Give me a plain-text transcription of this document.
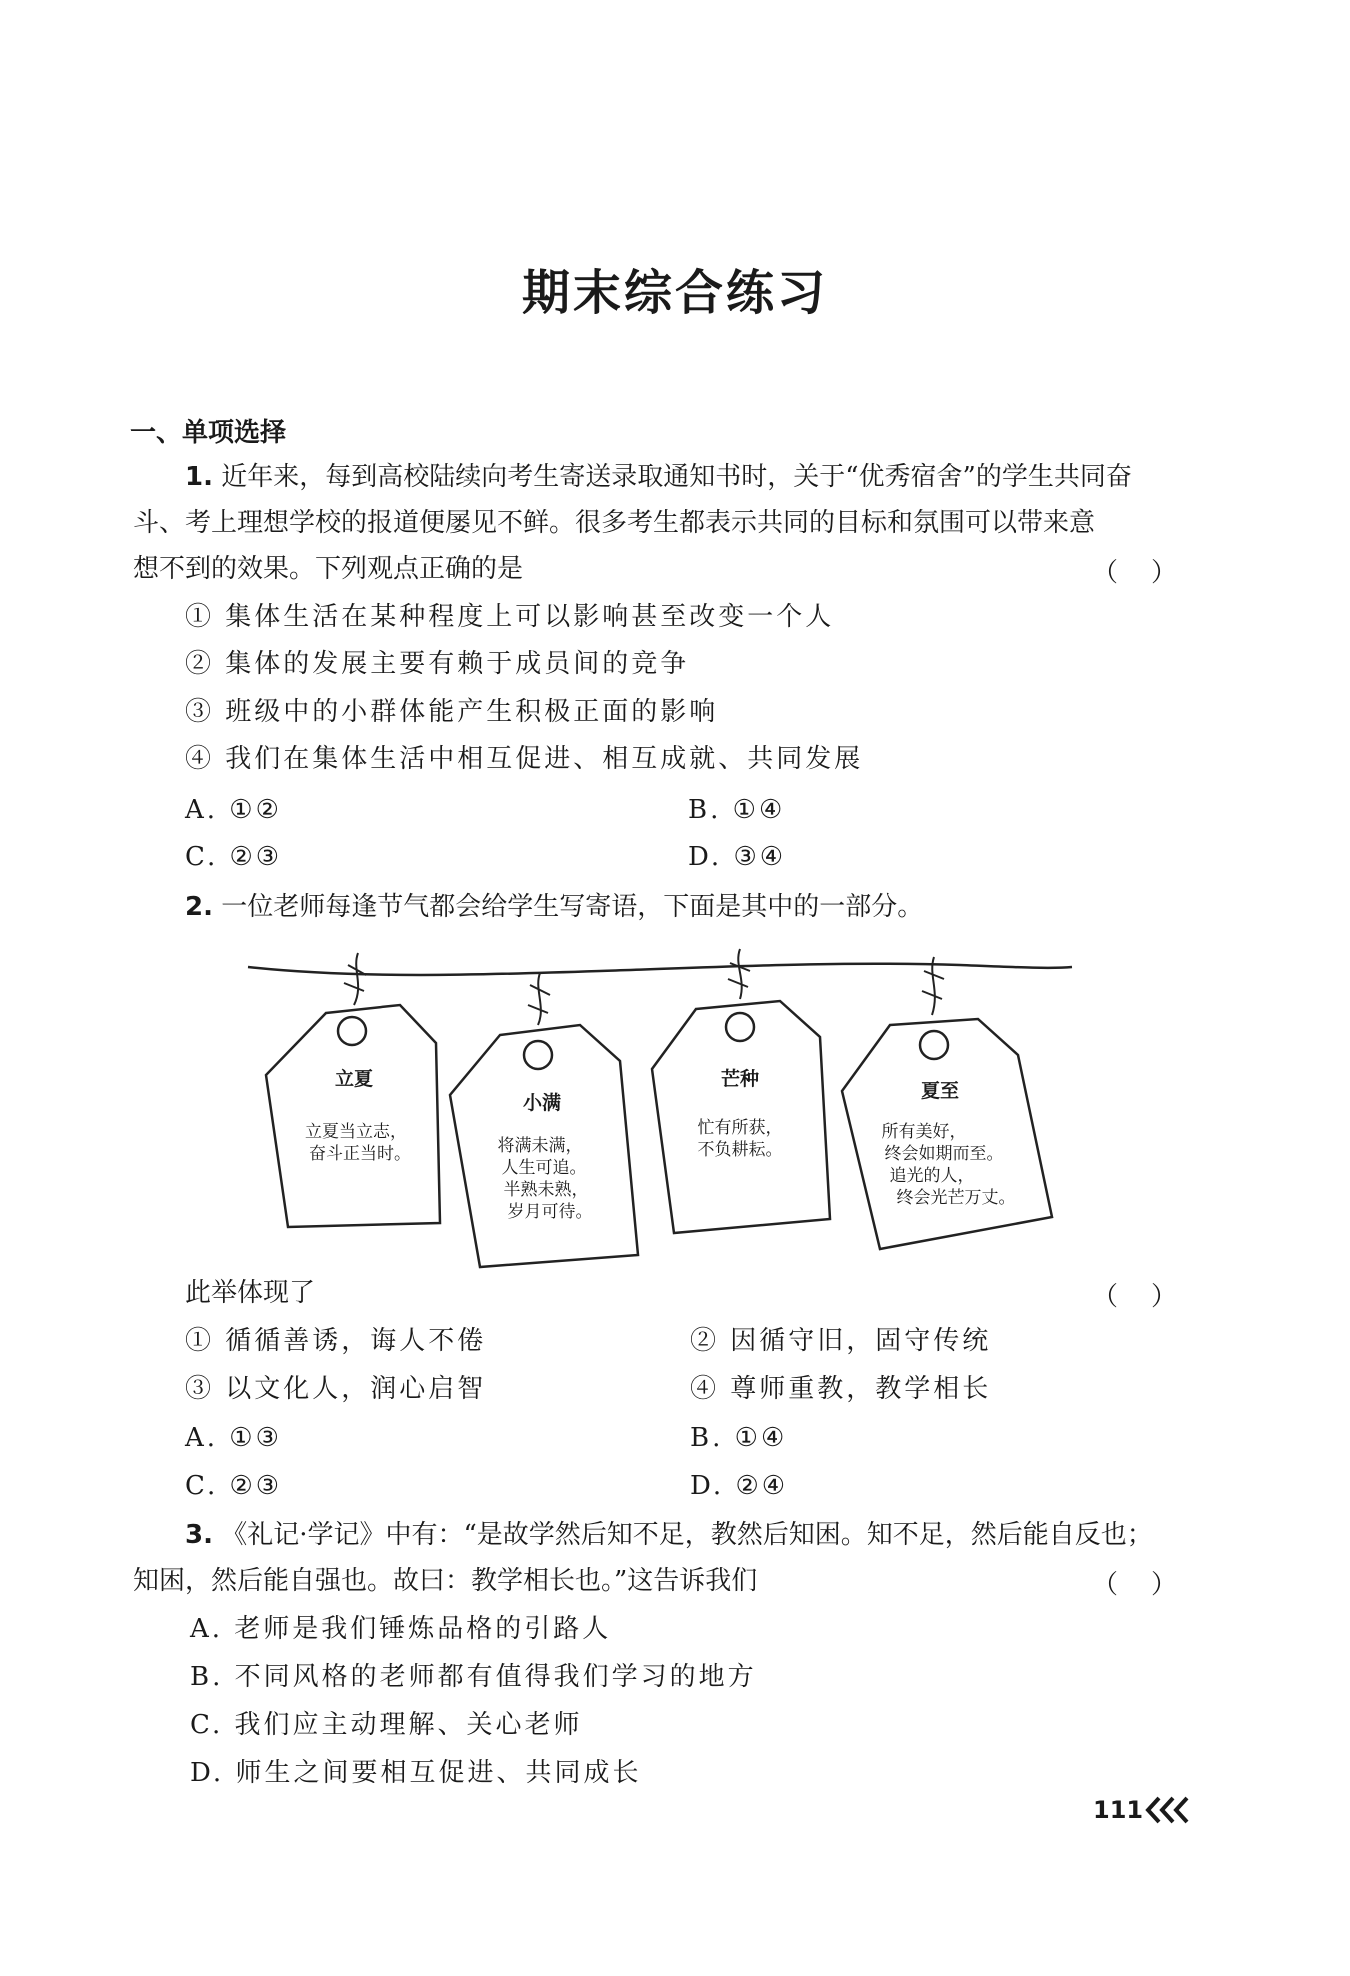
期末综合练习
一、单项选择
1. 近年来，每到高校陆续向考生寄送录取通知书时，关于“优秀宿舍”的学生共同奋
斗、考上理想学校的报道便屡见不鲜。很多考生都表示共同的目标和氛围可以带来意
想不到的效果。下列观点正确的是	（    ）
① 集体生活在某种程度上可以影响甚至改变一个人
② 集体的发展主要有赖于成员间的竞争
③ 班级中的小群体能产生积极正面的影响
④ 我们在集体生活中相互促进、相互成就、共同发展
A. ①②	B. ①④
C. ②③	D. ③④
2. 一位老师每逢节气都会给学生写寄语，下面是其中的一部分。
立夏
立夏当立志，
奋斗正当时。
小满
将满未满，
人生可追。
半熟未熟，
岁月可待。
芒种
忙有所获，
不负耕耘。
夏至
所有美好，
终会如期而至。
追光的人，
终会光芒万丈。
此举体现了	（    ）
① 循循善诱，诲人不倦	② 因循守旧，固守传统
③ 以文化人，润心启智	④ 尊师重教，教学相长
A. ①③	B. ①④
C. ②③	D. ②④
3. 《礼记·学记》中有：“是故学然后知不足，教然后知困。知不足，然后能自反也；
知困，然后能自强也。故曰：教学相长也。”这告诉我们	（    ）
A. 老师是我们锤炼品格的引路人
B. 不同风格的老师都有值得我们学习的地方
C. 我们应主动理解、关心老师
D. 师生之间要相互促进、共同成长
111
